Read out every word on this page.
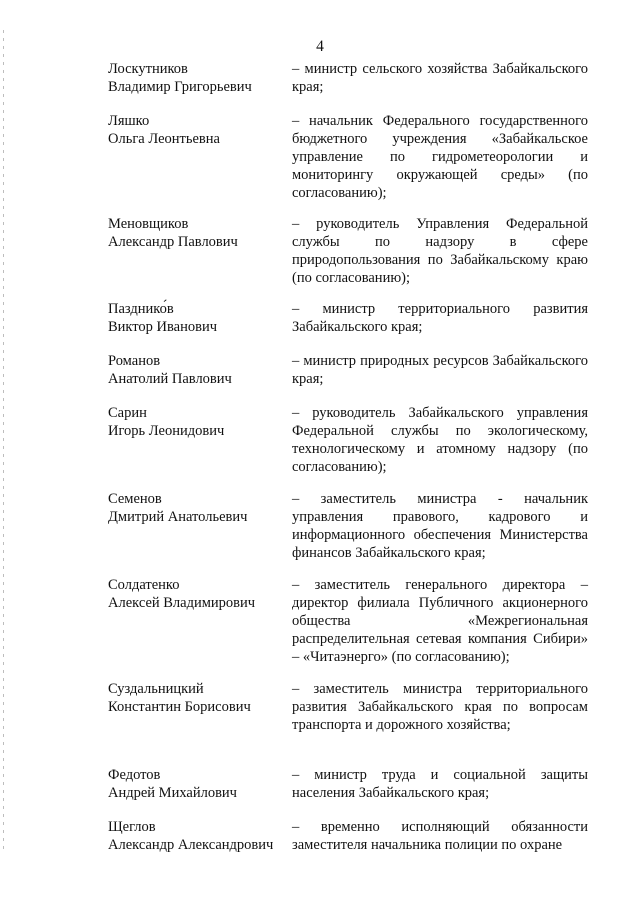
4
Лоскутников
Владимир Григорьевич
– министр сельского хозяйства Забайкальского края;
Ляшко
Ольга Леонтьевна
– начальник Федерального государственного бюджетного учреждения «Забайкальское управление по гидрометеорологии и мониторингу окружающей среды» (по согласованию);
Меновщиков
Александр Павлович
– руководитель Управления Федеральной службы по надзору в сфере природопользования по Забайкальскому краю (по согласованию);
Пазднико́в
Виктор Иванович
– министр территориального развития Забайкальского края;
Романов
Анатолий Павлович
– министр природных ресурсов Забайкальского края;
Сарин
Игорь Леонидович
– руководитель Забайкальского управления Федеральной службы по экологическому, технологическому и атомному надзору (по согласованию);
Семенов
Дмитрий Анатольевич
– заместитель министра - начальник управления правового, кадрового и информационного обеспечения Министерства финансов Забайкальского края;
Солдатенко
Алексей Владимирович
– заместитель генерального директора – директор филиала Публичного акционерного общества «Межрегиональная распределительная сетевая компания Сибири» – «Читаэнерго» (по согласованию);
Суздальницкий
Константин Борисович
– заместитель министра территориального развития Забайкальского края по вопросам транспорта и дорожного хозяйства;
Федотов
Андрей Михайлович
– министр труда и социальной защиты населения Забайкальского края;
Щеглов
Александр Александрович
– временно исполняющий обязанности заместителя начальника полиции по охране
